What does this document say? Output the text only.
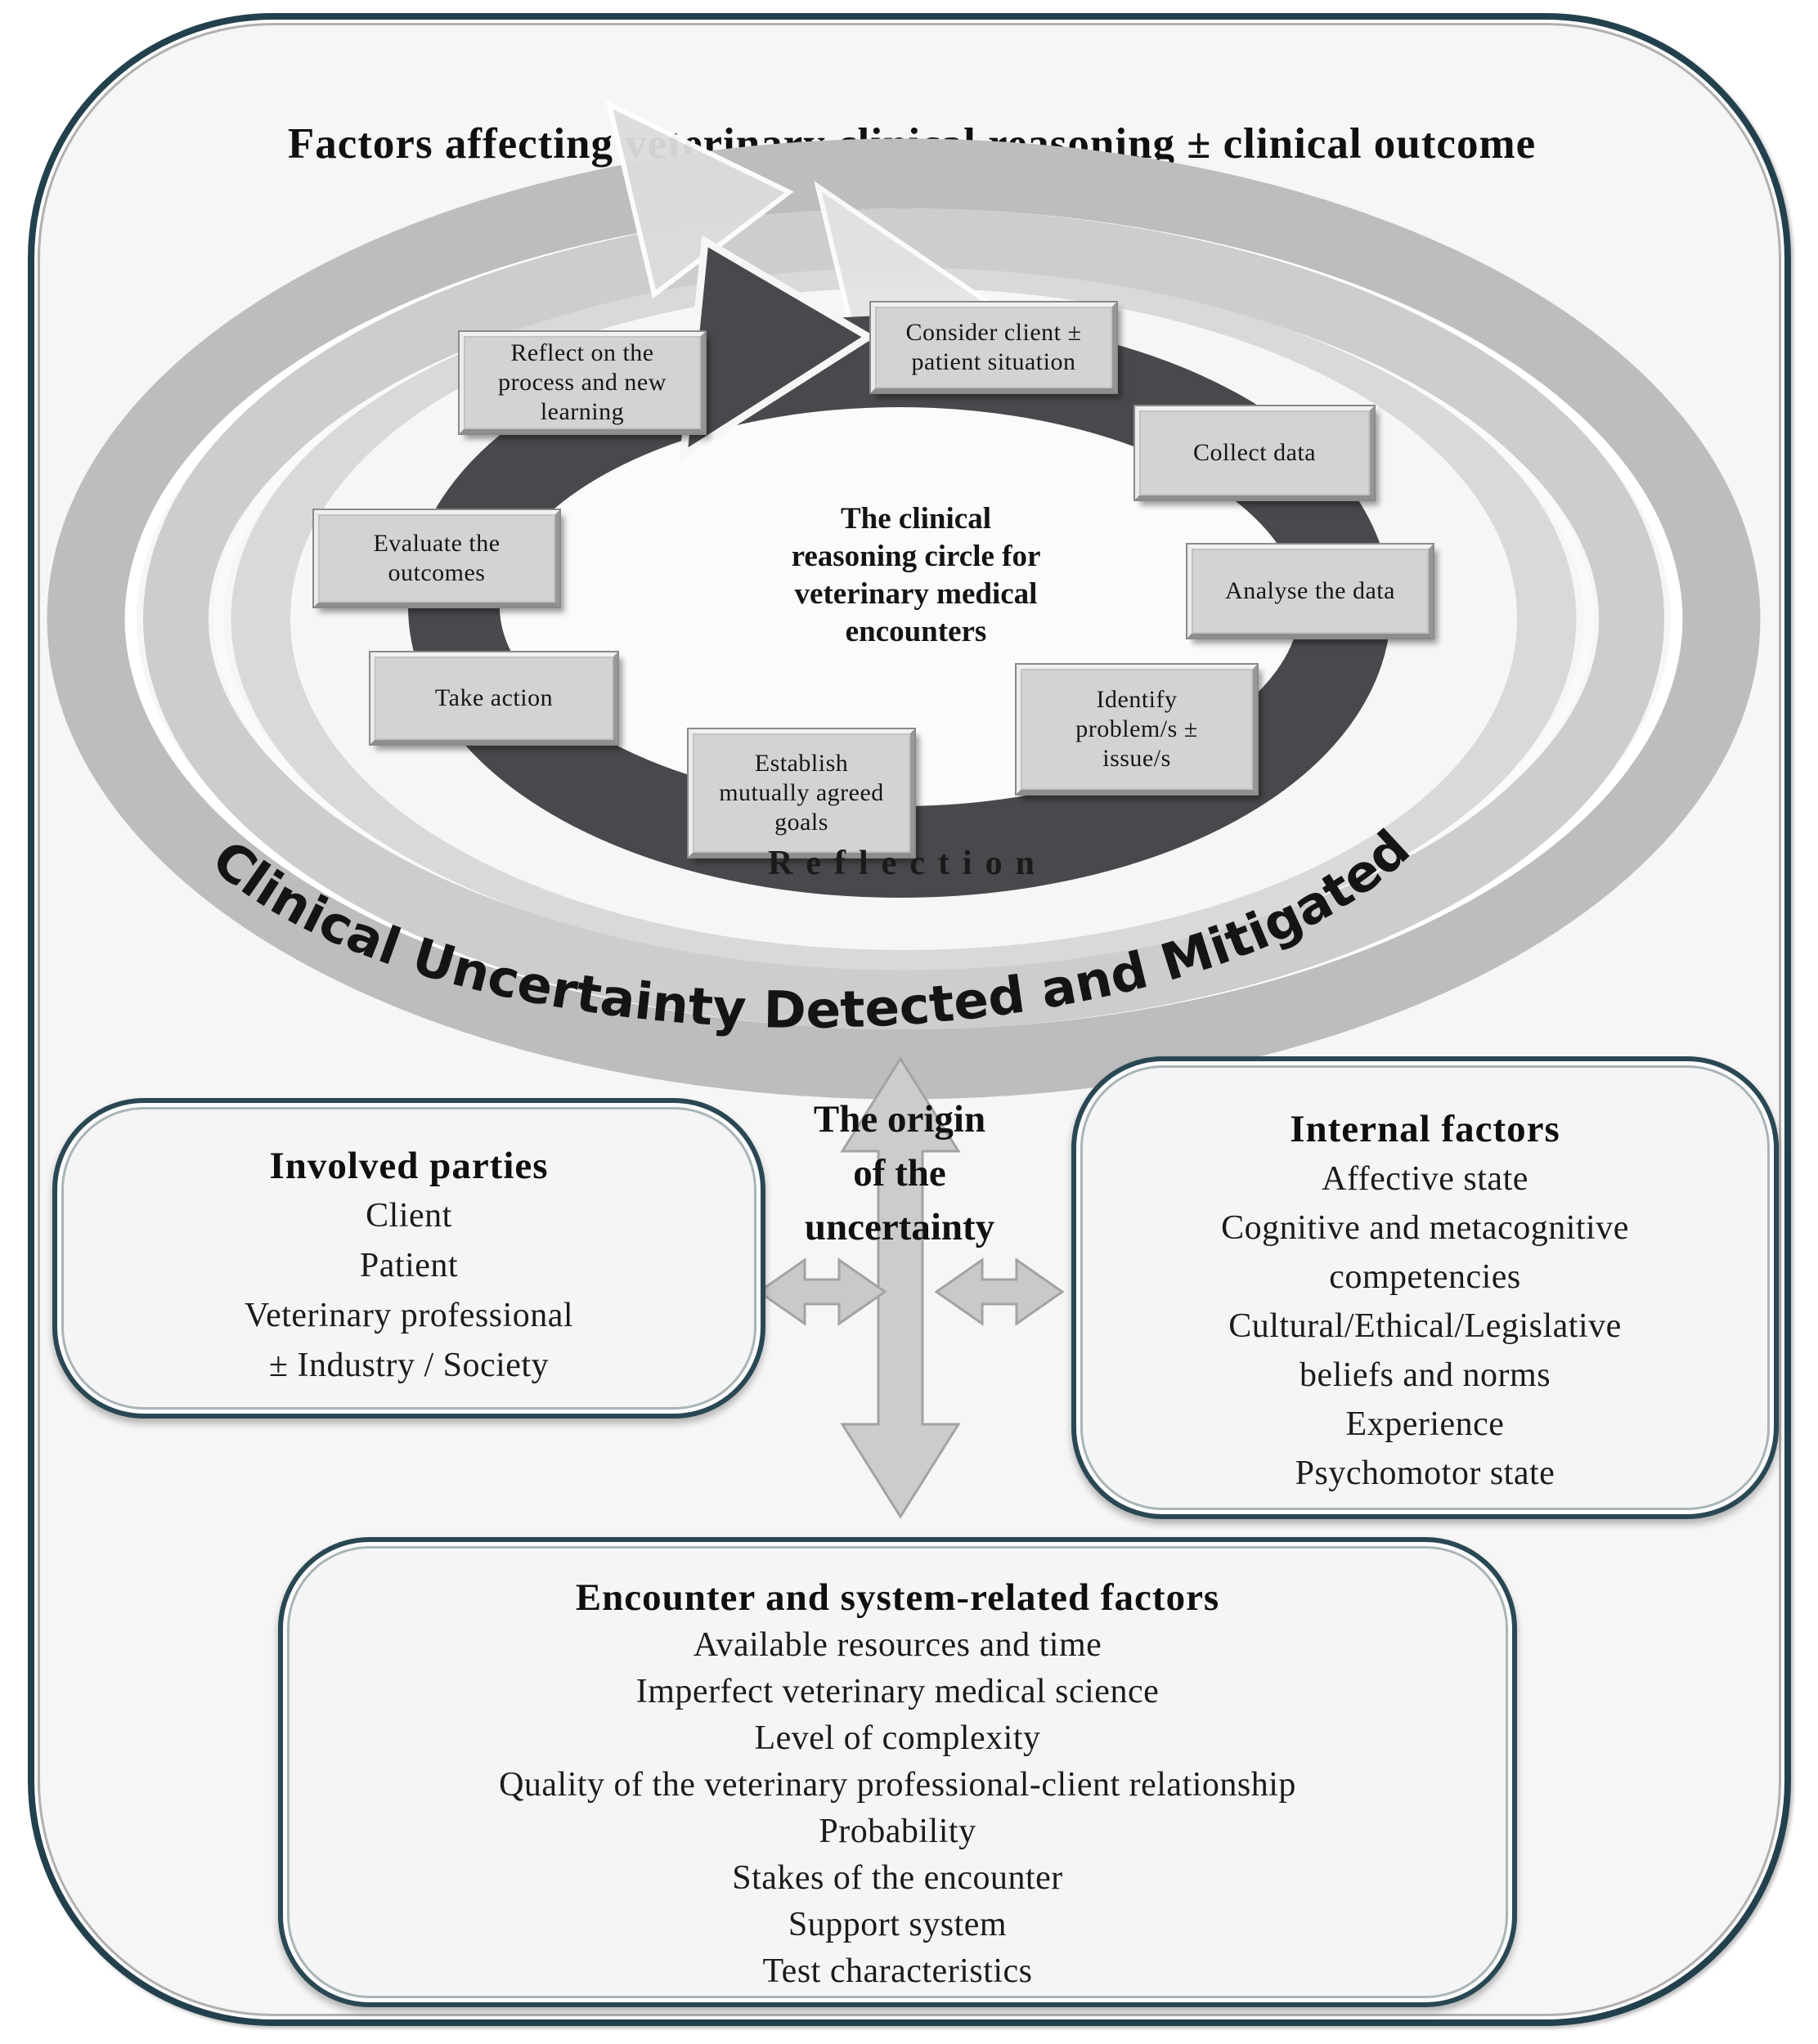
Factors affecting veterinary clinical reasoning ± clinical outcome
Clinical Uncertainty Detected and Mitigated
Reflect on the
process and new
learning
Consider client ±
patient situation
Collect data
Analyse the data
Identify
problem/s ±
issue/s
Establish
mutually agreed
goals
Take action
Evaluate the
outcomes
The clinical
reasoning circle for
veterinary medical
encounters
Reflection
The origin
of the
uncertainty
Involved parties
Client
Patient
Veterinary professional
± Industry / Society
Internal factors
Affective state
Cognitive and metacognitive
competencies
Cultural/Ethical/Legislative
beliefs and norms
Experience
Psychomotor state
Encounter and system-related factors
Available resources and time
Imperfect veterinary medical science
Level of complexity
Quality of the veterinary professional-client relationship
Probability
Stakes of the encounter
Support system
Test characteristics
